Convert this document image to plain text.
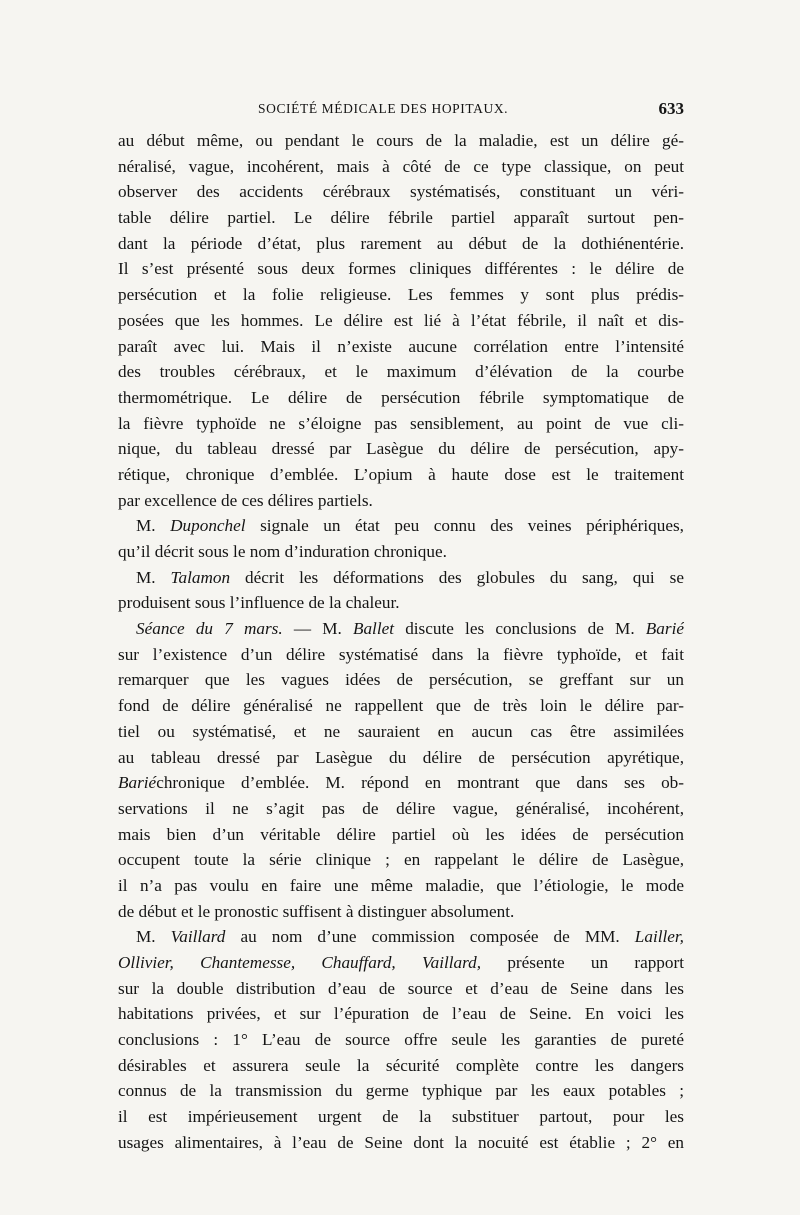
SOCIÉTÉ MÉDICALE DES HOPITAUX.	633
au début même, ou pendant le cours de la maladie, est un délire gé-
néralisé, vague, incohérent, mais à côté de ce type classique, on peut
observer des accidents cérébraux systématisés, constituant un véri-
table délire partiel. Le délire fébrile partiel apparaît surtout pen-
dant la période d’état, plus rarement au début de la dothiénentérie.
Il s’est présenté sous deux formes cliniques différentes : le délire de
persécution et la folie religieuse. Les femmes y sont plus prédis-
posées que les hommes. Le délire est lié à l’état fébrile, il naît et dis-
paraît avec lui. Mais il n’existe aucune corrélation entre l’intensité
des troubles cérébraux, et le maximum d’élévation de la courbe
thermométrique. Le délire de persécution fébrile symptomatique de
la fièvre typhoïde ne s’éloigne pas sensiblement, au point de vue cli-
nique, du tableau dressé par Lasègue du délire de persécution, apy-
rétique, chronique d’emblée. L’opium à haute dose est le traitement
par excellence de ces délires partiels.
M. Duponchel signale un état peu connu des veines périphériques,
qu’il décrit sous le nom d’induration chronique.
M. Talamon décrit les déformations des globules du sang, qui se
produisent sous l’influence de la chaleur.
Séance du 7 mars. — M. Ballet discute les conclusions de M. Barié
sur l’existence d’un délire systématisé dans la fièvre typhoïde, et fait
remarquer que les vagues idées de persécution, se greffant sur un
fond de délire généralisé ne rappellent que de très loin le délire par-
tiel ou systématisé, et ne sauraient en aucun cas être assimilées
au tableau dressé par Lasègue du délire de persécution apyrétique,
Bariéchronique d’emblée. M. répond en montrant que dans ses ob-
servations il ne s’agit pas de délire vague, généralisé, incohérent,
mais bien d’un véritable délire partiel où les idées de persécution
occupent toute la série clinique ; en rappelant le délire de Lasègue,
il n’a pas voulu en faire une même maladie, que l’étiologie, le mode
de début et le pronostic suffisent à distinguer absolument.
M. Vaillard au nom d’une commission composée de MM. Lailler,
Ollivier, Chantemesse, Chauffard, Vaillard, présente un rapport
sur la double distribution d’eau de source et d’eau de Seine dans les
habitations privées, et sur l’épuration de l’eau de Seine. En voici les
conclusions : 1° L’eau de source offre seule les garanties de pureté
désirables et assurera seule la sécurité complète contre les dangers
connus de la transmission du germe typhique par les eaux potables ;
il est impérieusement urgent de la substituer partout, pour les
usages alimentaires, à l’eau de Seine dont la nocuité est établie ; 2° en
